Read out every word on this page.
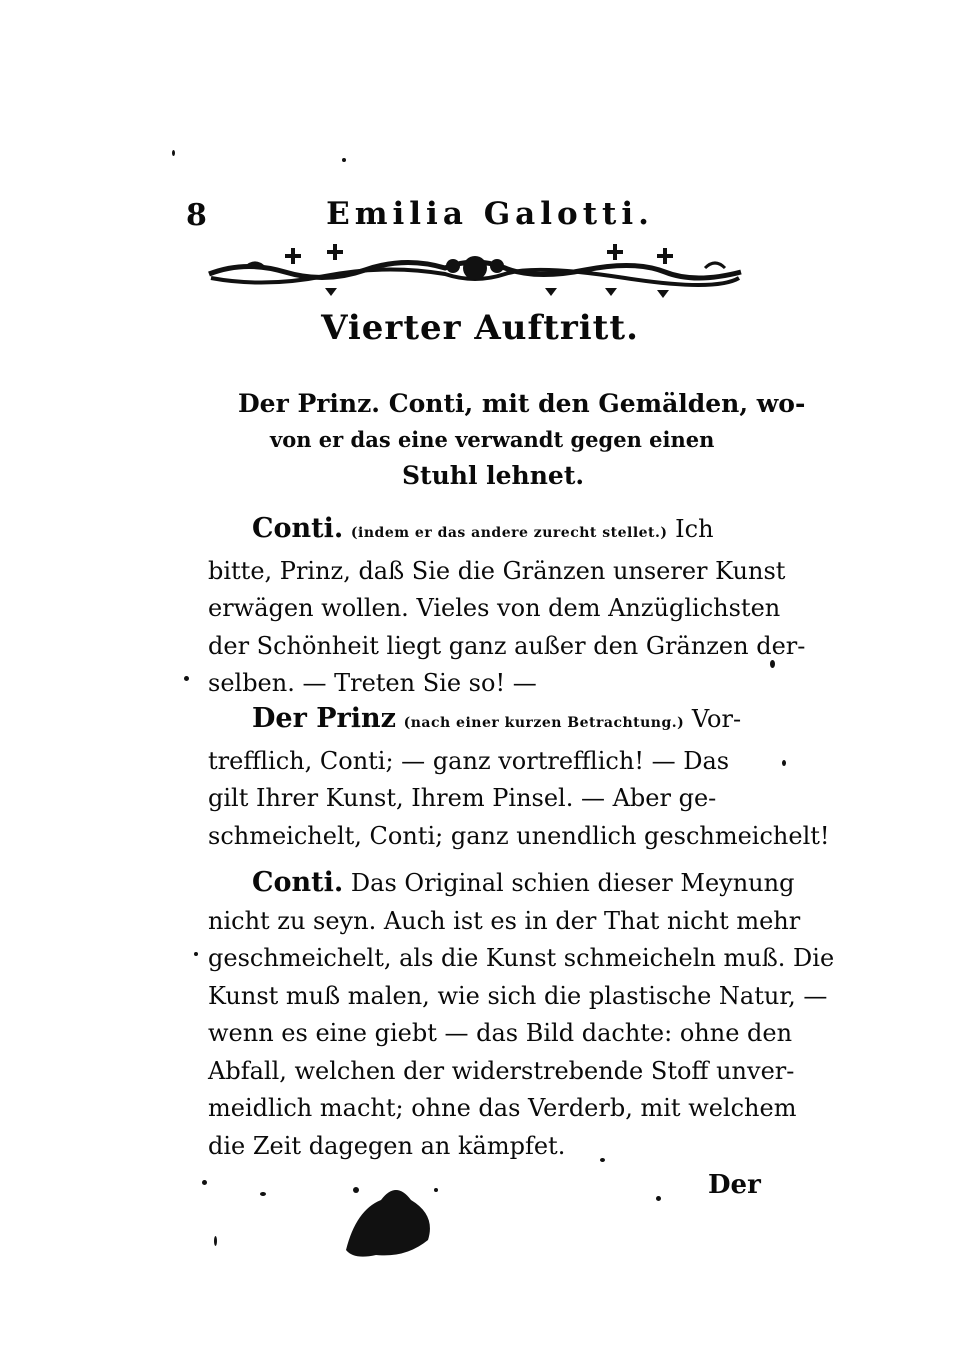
8	Emilia Galotti.
Vierter Auftritt.
Der Prinz. Conti, mit den Gemälden, wo-
von er das eine verwandt gegen einen
Stuhl lehnet.
Conti. (indem er das andere zurecht stellet.) Ich
bitte, Prinz, daß Sie die Gränzen unserer Kunst
erwägen wollen. Vieles von dem Anzüglichsten
der Schönheit liegt ganz außer den Gränzen der-
selben. — Treten Sie so! —
Der Prinz (nach einer kurzen Betrachtung.) Vor-
trefflich, Conti; — ganz vortrefflich! — Das
gilt Ihrer Kunst, Ihrem Pinsel. — Aber ge-
schmeichelt, Conti; ganz unendlich geschmeichelt!
Conti. Das Original schien dieser Meynung
nicht zu seyn. Auch ist es in der That nicht mehr
geschmeichelt, als die Kunst schmeicheln muß. Die
Kunst muß malen, wie sich die plastische Natur, —
wenn es eine giebt — das Bild dachte: ohne den
Abfall, welchen der widerstrebende Stoff unver-
meidlich macht; ohne das Verderb, mit welchem
die Zeit dagegen an kämpfet.
Der
